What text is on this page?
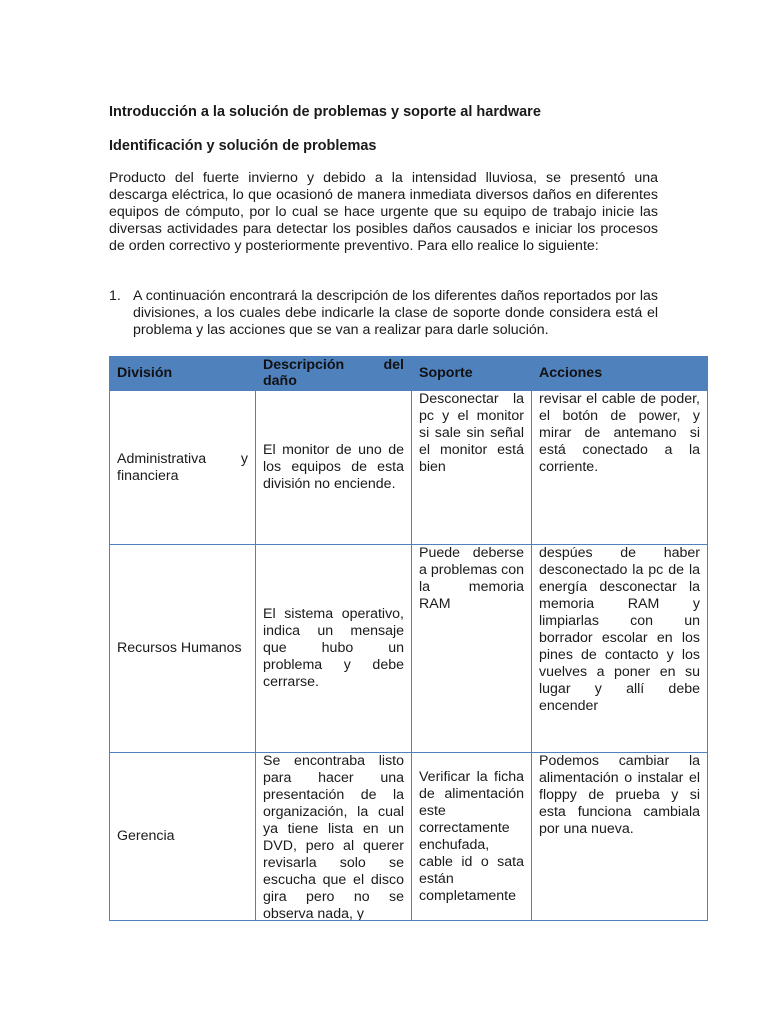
Introducción a la solución de problemas y soporte al hardware
Identificación y solución de problemas
Producto del fuerte invierno y debido a la intensidad lluviosa, se presentó una descarga eléctrica, lo que ocasionó de manera inmediata diversos daños en diferentes equipos de cómputo, por lo cual se hace urgente que su equipo de trabajo inicie las diversas actividades para detectar los posibles daños causados e iniciar los procesos de orden correctivo y posteriormente preventivo. Para ello realice lo siguiente:
1. A continuación encontrará la descripción de los diferentes daños reportados por las divisiones, a los cuales debe indicarle la clase de soporte donde considera está el problema y las acciones que se van a realizar para darle solución.
División	Descripción del daño	Soporte	Acciones
Administrativa y financiera	El monitor de uno de los equipos de esta división no enciende.	Desconectar la pc y el monitor si sale sin señal el monitor está bien	revisar el cable de poder, el botón de power, y mirar de antemano si está conectado a la corriente.
Recursos Humanos	El sistema operativo, indica un mensaje que hubo un problema y debe cerrarse.	Puede deberse a problemas con la memoria RAM	despúes de haber desconectado la pc de la energía desconectar la memoria RAM y limpiarlas con un borrador escolar en los pines de contacto y los vuelves a poner en su lugar y allí debe encender
Gerencia	Se encontraba listo para hacer una presentación de la organización, la cual ya tiene lista en un DVD, pero al querer revisarla solo se escucha que el disco gira pero no se observa nada, y	Verificar la ficha de alimentación este correctamente enchufada, cable id o sata están completamente	Podemos cambiar la alimentación o instalar el floppy de prueba y si esta funciona cambiala por una nueva.
